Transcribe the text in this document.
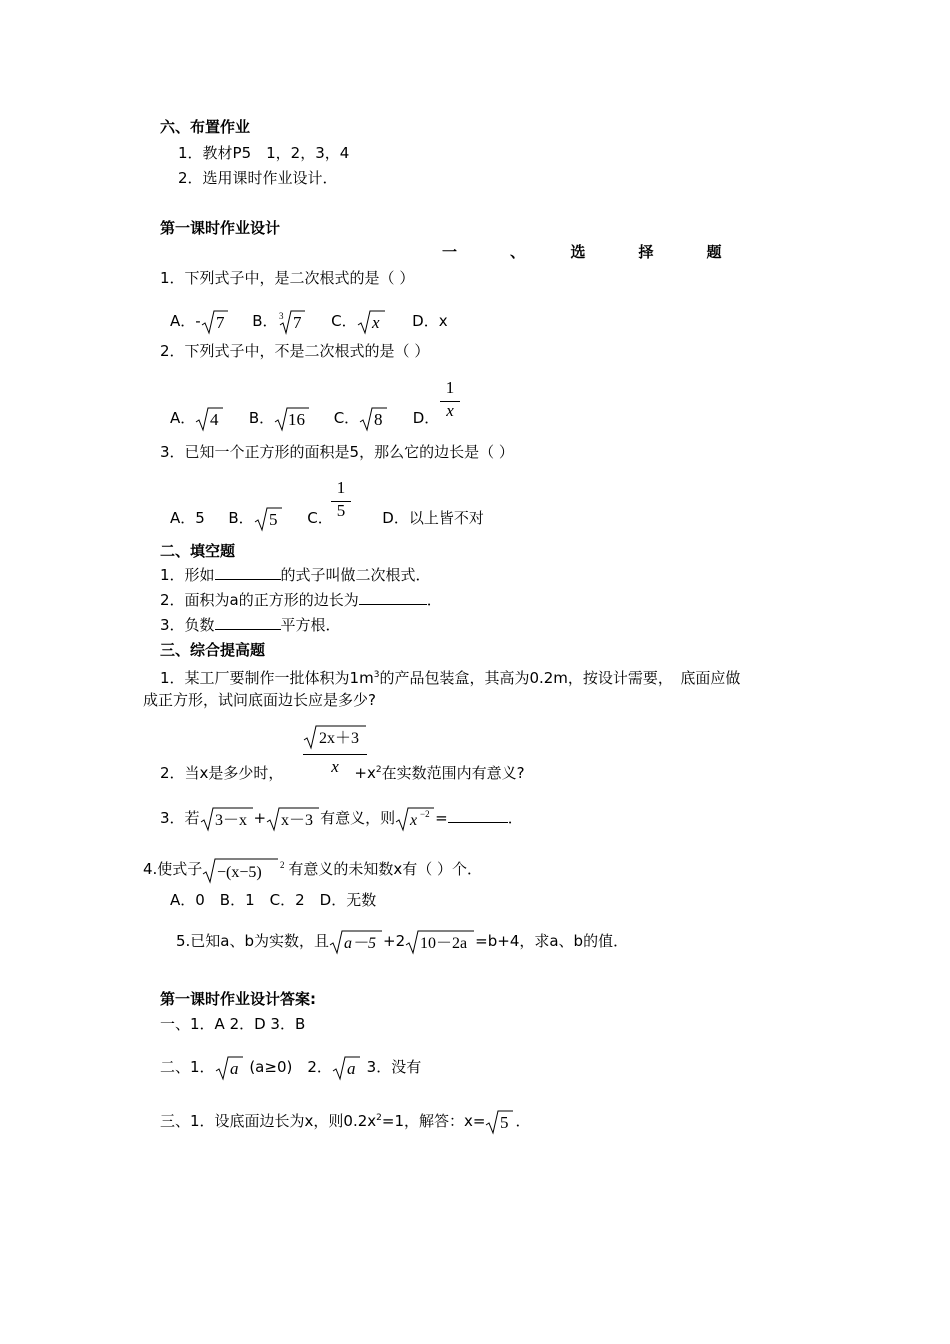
六、布置作业
1．教材P5　1，2，3，4
2．选用课时作业设计．
第一课时作业设计
一　　　、　　　选　　　择　　　题
1．下列式子中，是二次根式的是（ ）
A．- 7 B． 3 7 C． x D．x
2．下列式子中，不是二次根式的是（ ）
A． 4 B． 16 C． 8 D．
1
x
3．已知一个正方形的面积是5，那么它的边长是（ ）
A．5 B． 5 C．	D．以上皆不对
1
5
二、填空题
1．形如	的式子叫做二次根式．
2．面积为a的正方形的边长为	．
3．负数	平方根．
三、综合提高题
1．某工厂要制作一批体积为$1m^3$的产品包装盒，其高为0.2m，按设计需要，　底面应做
成正方形，试问底面边长应是多少?
2x＋3
x
2．当x是多少时，	$+x^2$在实数范围内有意义?
3．若 3－x + x－3 有意义，则 x −2 =	．
4.使式子 −(x−5) 2 有意义的未知数x有（ ）个．
A．0　B．1　C．2　D．无数
5.已知a、b为实数，且 a－5 +2 10－2a =b+4，求a、b的值．
第一课时作业设计答案:
一、1．A 2．D 3．B
二、1． a (a≥0)　2． a 3．没有
三、1．设底面边长为x，则$0.2x^2=1$，解答：x= 5 ．
